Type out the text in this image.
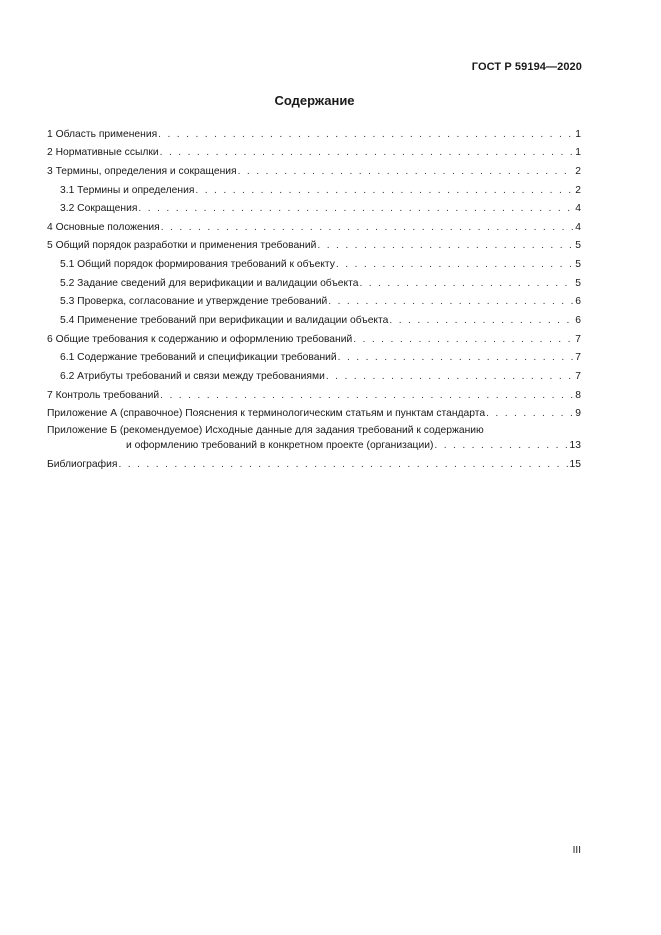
ГОСТ Р 59194—2020
Содержание
1 Область применения . . .	1
2 Нормативные ссылки . . .	1
3 Термины, определения и сокращения . . .	2
3.1 Термины и определения . . .	2
3.2 Сокращения . . .	4
4 Основные положения . . .	4
5 Общий порядок разработки и применения требований . . .	5
5.1 Общий порядок формирования требований к объекту . . .	5
5.2 Задание сведений для верификации и валидации объекта . . .	5
5.3 Проверка, согласование и утверждение требований . . .	6
5.4 Применение требований при верификации и валидации объекта . . .	6
6 Общие требования к содержанию и оформлению требований . . .	7
6.1 Содержание требований и спецификации требований . . .	7
6.2 Атрибуты требований и связи между требованиями . . .	7
7 Контроль требований . . .	8
Приложение А (справочное) Пояснения к терминологическим статьям и пунктам стандарта . . .	9
Приложение Б (рекомендуемое) Исходные данные для задания требований к содержанию
и оформлению требований в конкретном проекте (организации) . . .	13
Библиография . . .	15
III
